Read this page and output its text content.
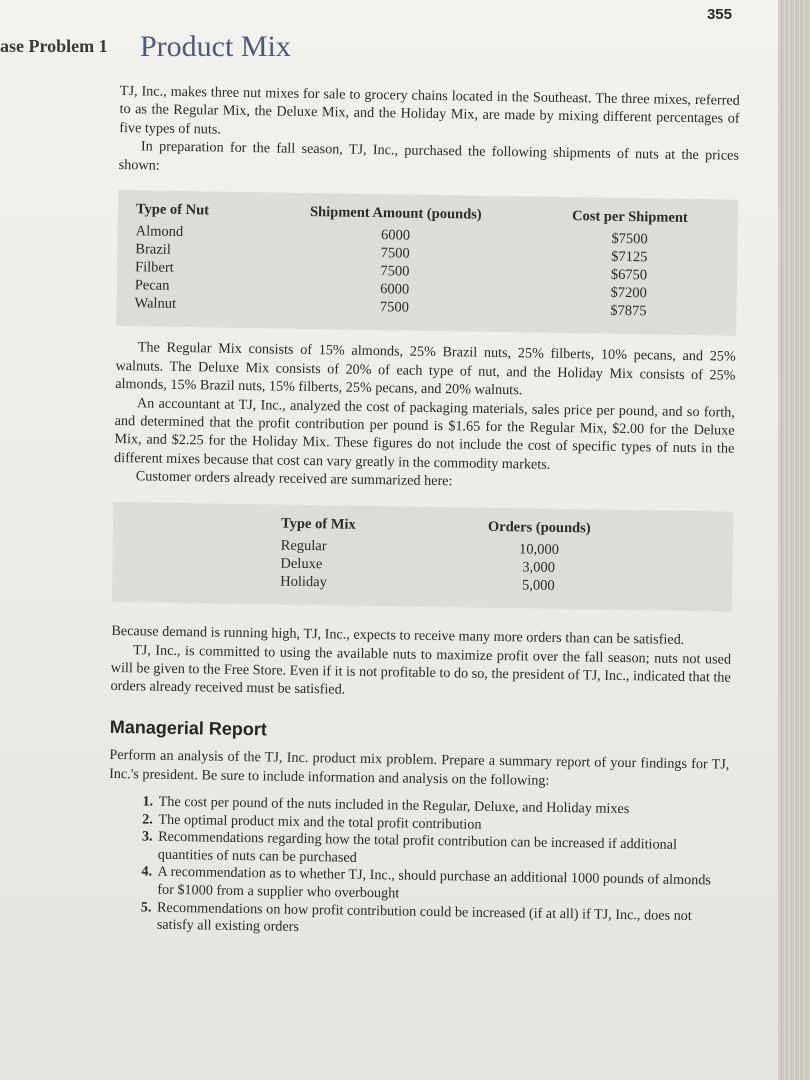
355
ase Problem 1 Product Mix

TJ, Inc., makes three nut mixes for sale to grocery chains located in the Southeast. The three mixes, referred to as the Regular Mix, the Deluxe Mix, and the Holiday Mix, are made by mixing different percentages of five types of nuts.

In preparation for the fall season, TJ, Inc., purchased the following shipments of nuts at the prices shown:

Type of Nut	Shipment Amount (pounds)	Cost per Shipment
Almond	6000	$7500
Brazil	7500	$7125
Filbert	7500	$6750
Pecan	6000	$7200
Walnut	7500	$7875

The Regular Mix consists of 15% almonds, 25% Brazil nuts, 25% filberts, 10% pecans, and 25% walnuts. The Deluxe Mix consists of 20% of each type of nut, and the Holiday Mix consists of 25% almonds, 15% Brazil nuts, 15% filberts, 25% pecans, and 20% walnuts.

An accountant at TJ, Inc., analyzed the cost of packaging materials, sales price per pound, and so forth, and determined that the profit contribution per pound is $1.65 for the Regular Mix, $2.00 for the Deluxe Mix, and $2.25 for the Holiday Mix. These figures do not include the cost of specific types of nuts in the different mixes because that cost can vary greatly in the commodity markets.

Customer orders already received are summarized here:

Type of Mix	Orders (pounds)
Regular	10,000
Deluxe	3,000
Holiday	5,000

Because demand is running high, TJ, Inc., expects to receive many more orders than can be satisfied.

TJ, Inc., is committed to using the available nuts to maximize profit over the fall season; nuts not used will be given to the Free Store. Even if it is not profitable to do so, the president of TJ, Inc., indicated that the orders already received must be satisfied.

Managerial Report

Perform an analysis of the TJ, Inc. product mix problem. Prepare a summary report of your findings for TJ, Inc.'s president. Be sure to include information and analysis on the following:

1. The cost per pound of the nuts included in the Regular, Deluxe, and Holiday mixes
2. The optimal product mix and the total profit contribution
3. Recommendations regarding how the total profit contribution can be increased if additional quantities of nuts can be purchased
4. A recommendation as to whether TJ, Inc., should purchase an additional 1000 pounds of almonds for $1000 from a supplier who overbought
5. Recommendations on how profit contribution could be increased (if at all) if TJ, Inc., does not satisfy all existing orders
